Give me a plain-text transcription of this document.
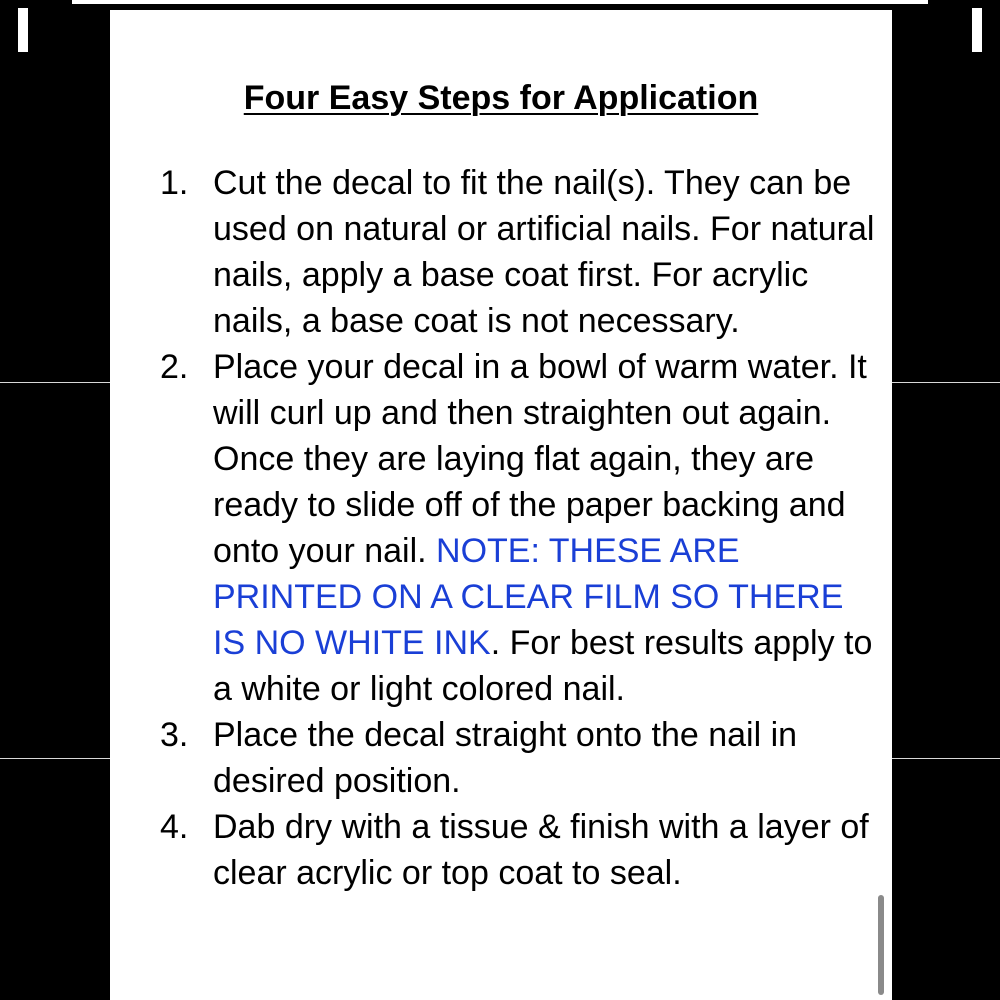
Four Easy Steps for Application
1. Cut the decal to fit the nail(s). They can be used on natural or artificial nails. For natural nails, apply a base coat first. For acrylic nails, a base coat is not necessary.
2. Place your decal in a bowl of warm water. It will curl up and then straighten out again. Once they are laying flat again, they are ready to slide off of the paper backing and onto your nail. NOTE: THESE ARE PRINTED ON A CLEAR FILM SO THERE IS NO WHITE INK. For best results apply to a white or light colored nail.
3. Place the decal straight onto the nail in desired position.
4. Dab dry with a tissue & finish with a layer of clear acrylic or top coat to seal.
